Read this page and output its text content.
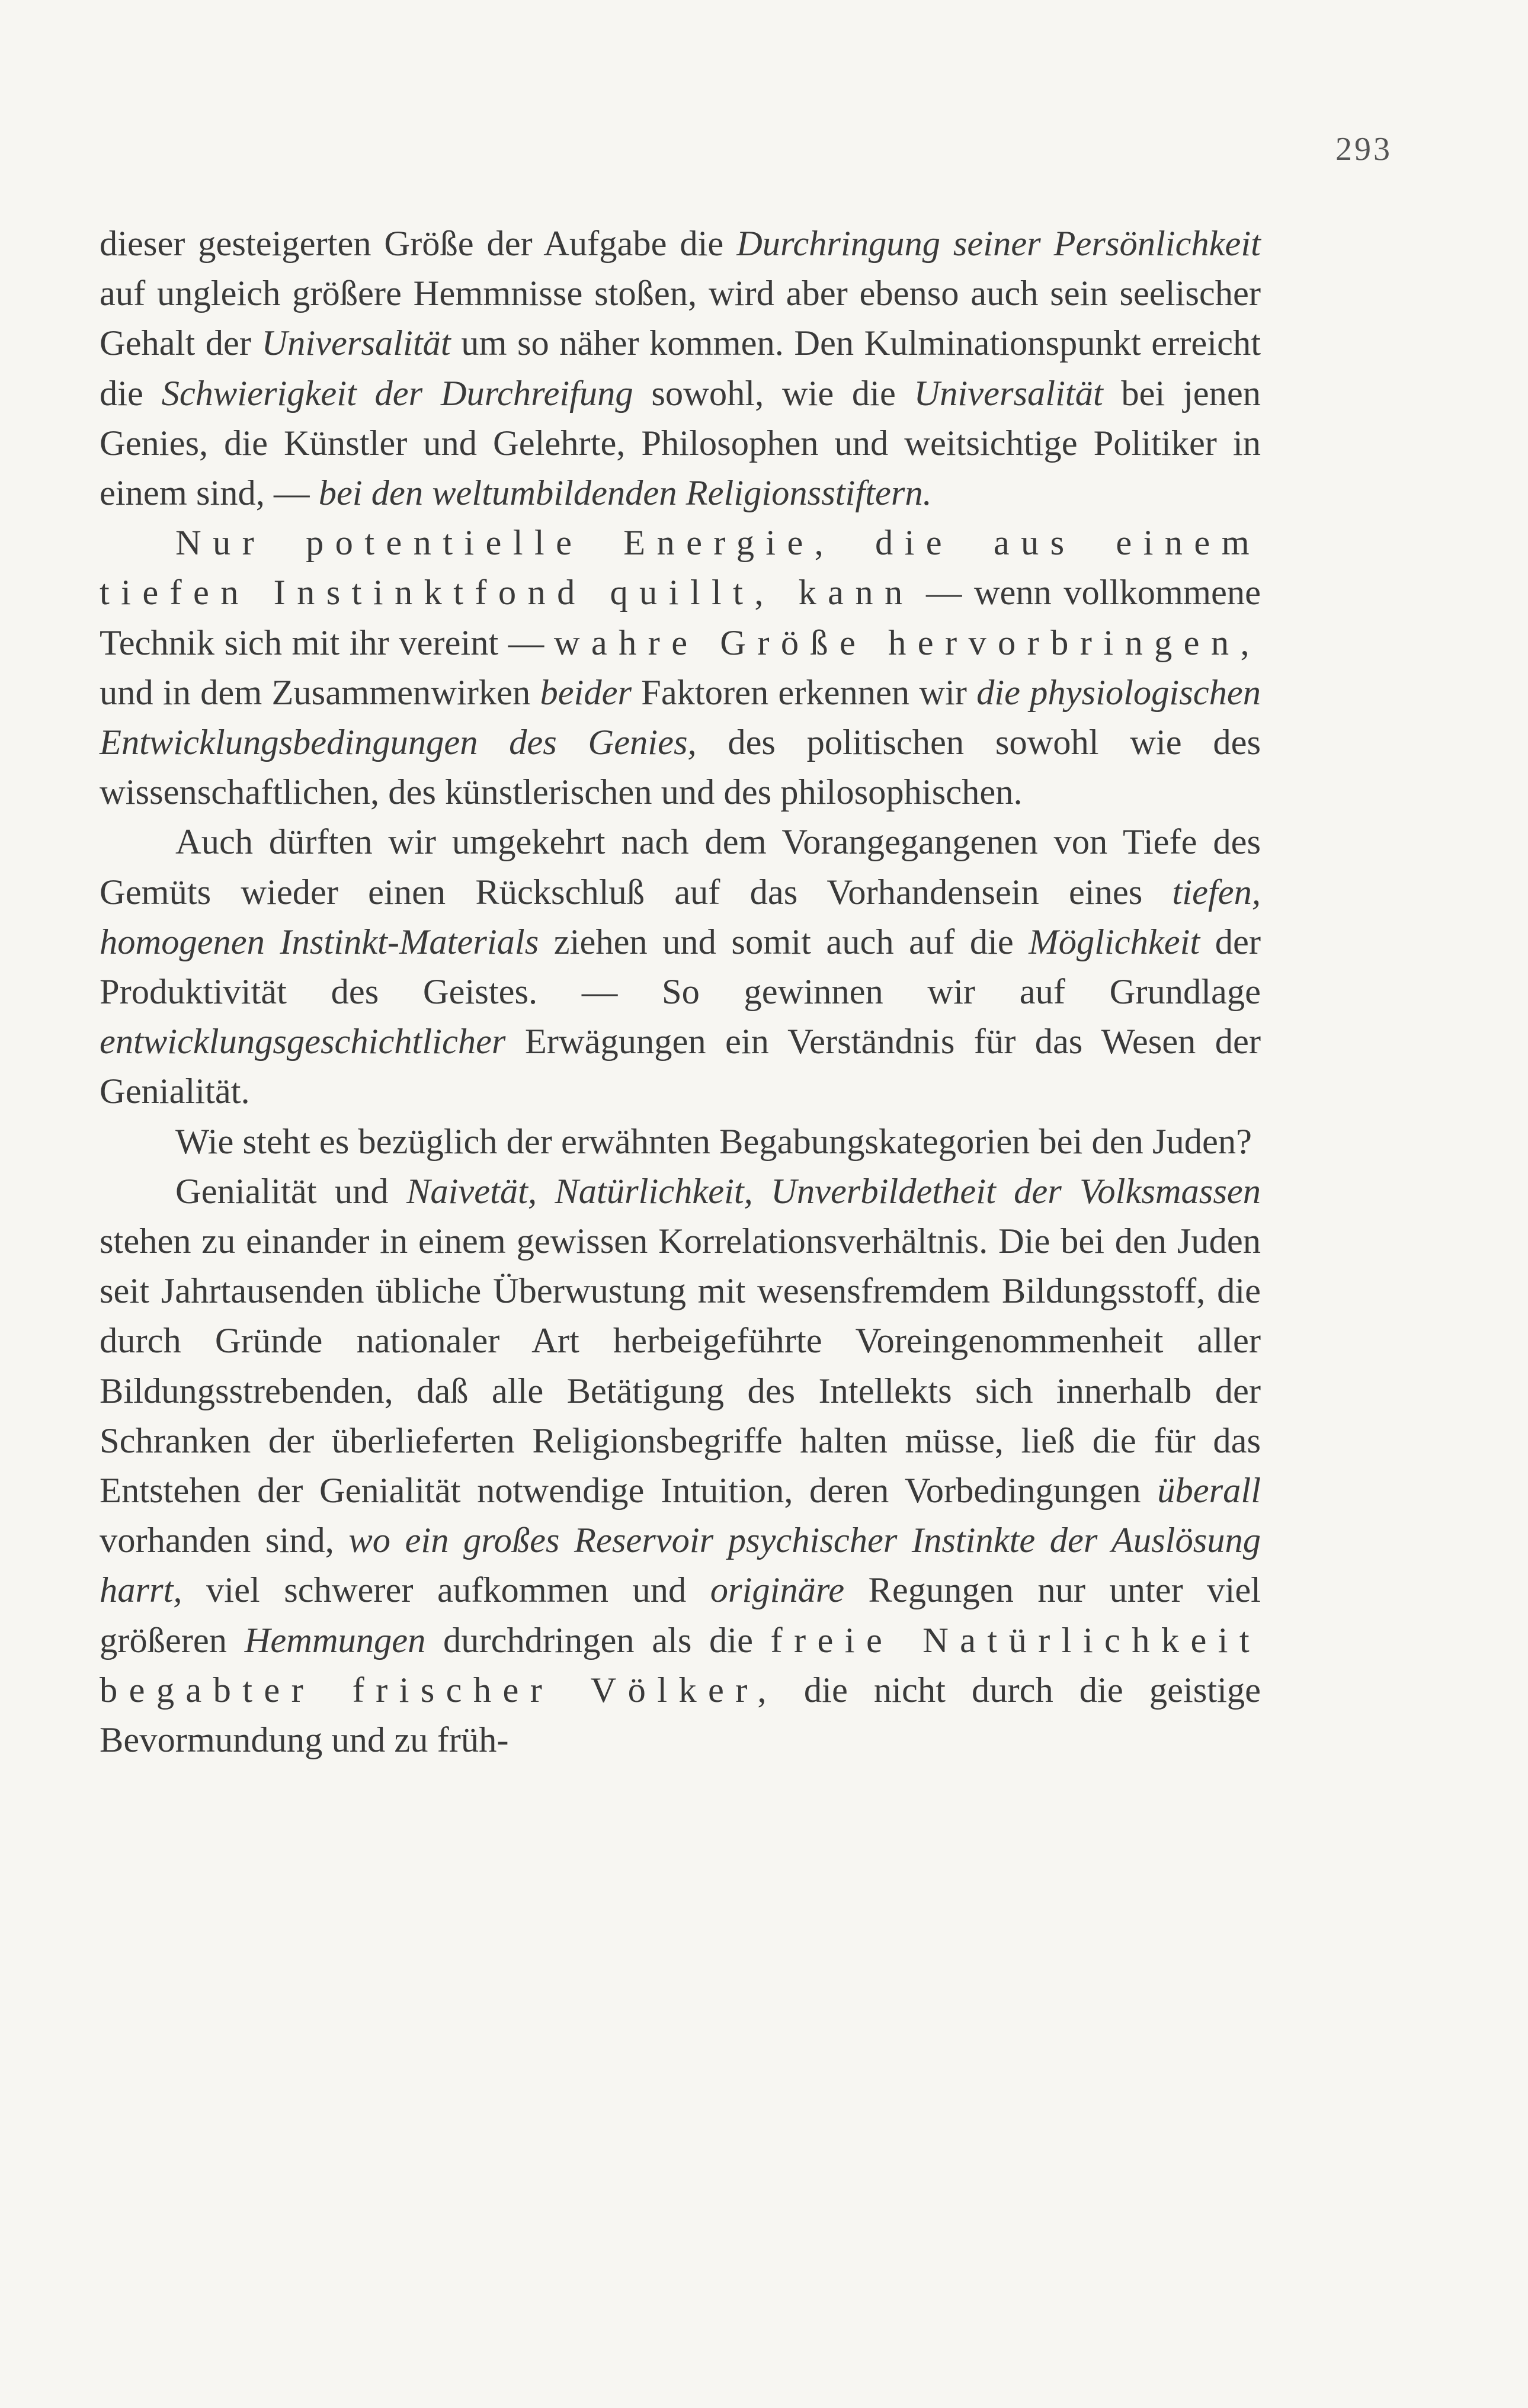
293

dieser gesteigerten Größe der Aufgabe die Durchringung seiner Persönlichkeit auf ungleich größere Hemmnisse stoßen, wird aber ebenso auch sein seelischer Gehalt der Universalität um so näher kommen. Den Kulminationspunkt erreicht die Schwierigkeit der Durchreifung sowohl, wie die Universalität bei jenen Genies, die Künstler und Gelehrte, Philosophen und weitsichtige Politiker in einem sind, — bei den weltumbildenden Religionsstiftern.

Nur potentielle Energie, die aus einem tiefen Instinktfond quillt, kann — wenn vollkommene Technik sich mit ihr vereint — wahre Größe hervorbringen, und in dem Zusammenwirken beider Faktoren erkennen wir die physiologischen Entwicklungsbedingungen des Genies, des politischen sowohl wie des wissenschaftlichen, des künstlerischen und des philosophischen.

Auch dürften wir umgekehrt nach dem Vorangegangenen von Tiefe des Gemüts wieder einen Rückschluß auf das Vorhandensein eines tiefen, homogenen Instinkt-Materials ziehen und somit auch auf die Möglichkeit der Produktivität des Geistes. — So gewinnen wir auf Grundlage entwicklungsgeschichtlicher Erwägungen ein Verständnis für das Wesen der Genialität.

Wie steht es bezüglich der erwähnten Begabungskategorien bei den Juden?

Genialität und Naivetät, Natürlichkeit, Unverbildetheit der Volksmassen stehen zu einander in einem gewissen Korrelationsverhältnis. Die bei den Juden seit Jahrtausenden übliche Überwustung mit wesensfremdem Bildungsstoff, die durch Gründe nationaler Art herbeigeführte Voreingenommenheit aller Bildungsstrebenden, daß alle Betätigung des Intellekts sich innerhalb der Schranken der überlieferten Religionsbegriffe halten müsse, ließ die für das Entstehen der Genialität notwendige Intuition, deren Vorbedingungen überall vorhanden sind, wo ein großes Reservoir psychischer Instinkte der Auslösung harrt, viel schwerer aufkommen und originäre Regungen nur unter viel größeren Hemmungen durchdringen als die freie Natürlichkeit begabter frischer Völker, die nicht durch die geistige Bevormundung und zu früh-
